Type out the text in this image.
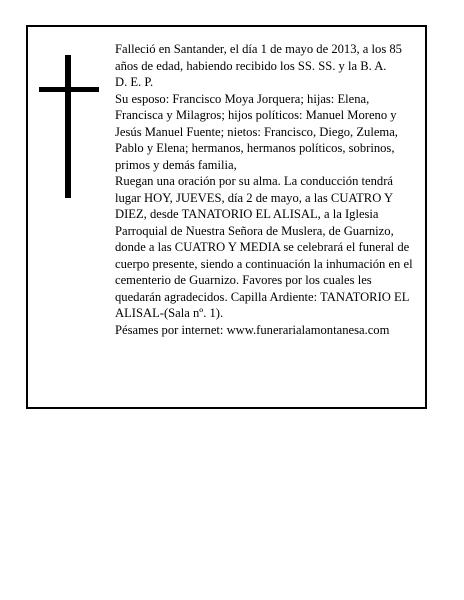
Falleció en Santander, el día 1 de mayo de 2013, a los 85 años de edad, habiendo recibido los SS. SS. y la B. A.

D. E. P.

Su esposo: Francisco Moya Jorquera; hijas: Elena, Francisca y Milagros; hijos políticos: Manuel Moreno y Jesús Manuel Fuente; nietos: Francisco, Diego, Zulema, Pablo y Elena; hermanos, hermanos políticos, sobrinos, primos y demás familia,

Ruegan una oración por su alma. La conducción tendrá lugar HOY, JUEVES, día 2 de mayo, a las CUATRO Y DIEZ, desde TANATORIO EL ALISAL, a la Iglesia Parroquial de Nuestra Señora de Muslera, de Guarnizo, donde a las CUATRO Y MEDIA se celebrará el funeral de cuerpo presente, siendo a continuación la inhumación en el cementerio de Guarnizo. Favores por los cuales les quedarán agradecidos. Capilla Ardiente: TANATORIO EL ALISAL-(Sala nº. 1).

Pésames por internet: www.funerarialamontanesa.com
